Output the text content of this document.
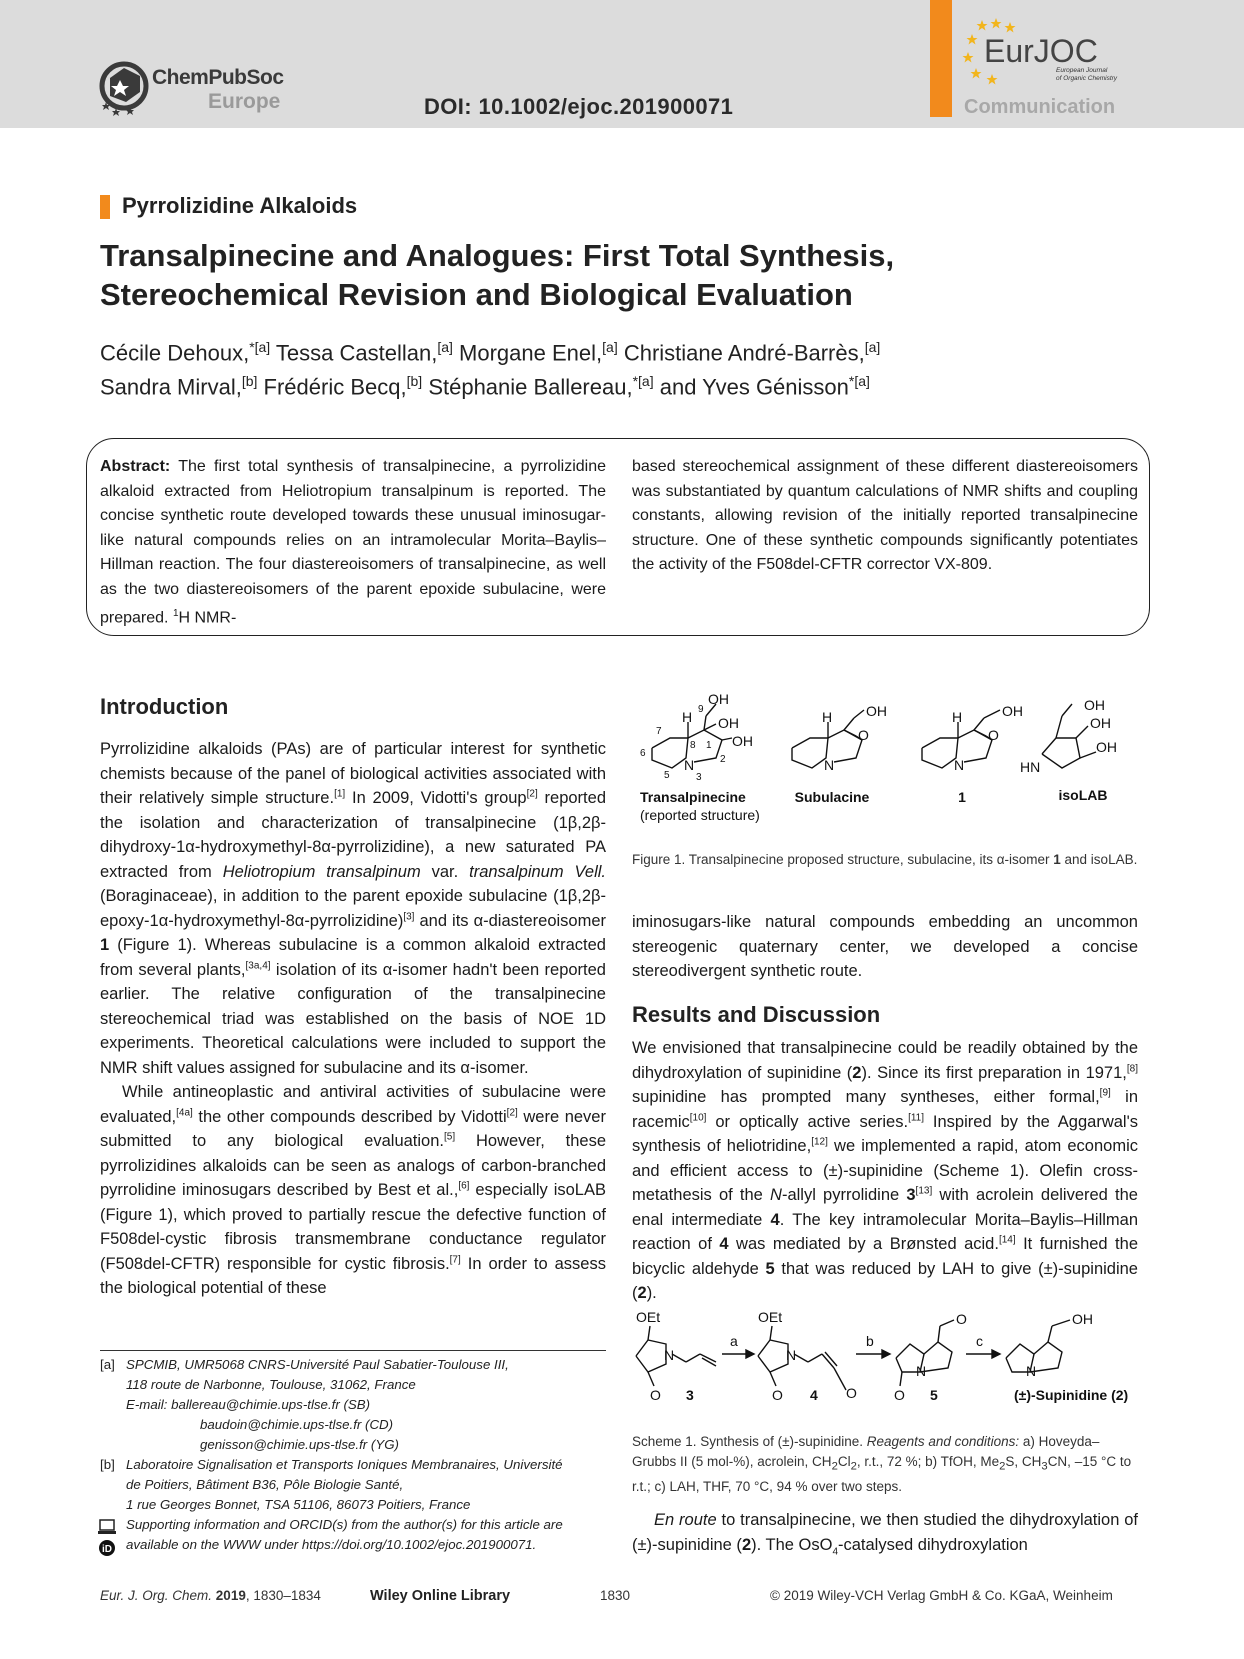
ChemPubSoc
Europe	DOI: 10.1002/ejoc.201900071
EurJOC
European Journal
of Organic Chemistry
Communication
Pyrrolizidine Alkaloids
Transalpinecine and Analogues: First Total Synthesis,
Stereochemical Revision and Biological Evaluation
Cécile Dehoux,$^{*[a]}$ Tessa Castellan,[a] Morgane Enel,[a] Christiane André-Barrès,[a]
Sandra Mirval,[b] Frédéric Becq,[b] Stéphanie Ballereau,$^{*[a]}$ and Yves Génisson$^{*[a]}$
Abstract: The first total synthesis of transalpinecine, a pyrrolizidine alkaloid extracted from Heliotropium transalpinum is reported. The concise synthetic route developed towards these unusual iminosugar-like natural compounds relies on an intramolecular Morita–Baylis–Hillman reaction. The four diastereoisomers of transalpinecine, as well as the two diastereoisomers of the parent epoxide subulacine, were prepared. $^1$H NMR-
based stereochemical assignment of these different diastereoisomers was substantiated by quantum calculations of NMR shifts and coupling constants, allowing revision of the initially reported transalpinecine structure. One of these synthetic compounds significantly potentiates the activity of the F508del-CFTR corrector VX-809.
Introduction

Pyrrolizidine alkaloids (PAs) are of particular interest for synthetic chemists because of the panel of biological activities associated with their relatively simple structure.[1] In 2009, Vidotti's group[2] reported the isolation and characterization of transalpinecine (1β,2β-dihydroxy-1α-hydroxymethyl-8α-pyrrolizidine), a new saturated PA extracted from Heliotropium transalpinum var. transalpinum Vell. (Boraginaceae), in addition to the parent epoxide subulacine (1β,2β-epoxy-1α-hydroxymethyl-8α-pyrrolizidine)[3] and its α-diastereoisomer 1 (Figure 1). Whereas subulacine is a common alkaloid extracted from several plants,[3a,4] isolation of its α-isomer hadn't been reported earlier. The relative configuration of the transalpinecine stereochemical triad was established on the basis of NOE 1D experiments. Theoretical calculations were included to support the NMR shift values assigned for subulacine and its α-isomer.

While antineoplastic and antiviral activities of subulacine were evaluated,[4a] the other compounds described by Vidotti[2] were never submitted to any biological evaluation.[5] However, these pyrrolizidines alkaloids can be seen as analogs of carbon-branched pyrrolidine iminosugars described by Best et al.,[6] especially isoLAB (Figure 1), which proved to partially rescue the defective function of F508del-cystic fibrosis transmembrane conductance regulator (F508del-CFTR) responsible for cystic fibrosis.[7] In order to assess the biological potential of these

OH
OH
OH
H
N
9
8 1
2
3
5
6
7
OH
O
H
N
OH
O
H
N
OH
OH
OH
HN
Transalpinecine	Subulacine	1	isoLAB
(reported structure)
Figure 1. Transalpinecine proposed structure, subulacine, its α-isomer 1 and isoLAB.
iminosugars-like natural compounds embedding an uncommon stereogenic quaternary center, we developed a concise stereodivergent synthetic route.
Results and Discussion

We envisioned that transalpinecine could be readily obtained by the dihydroxylation of supinidine (2). Since its first preparation in 1971,[8] supinidine has prompted many syntheses, either formal,[9] in racemic[10] or optically active series.[11] Inspired by the Aggarwal's synthesis of heliotridine,[12] we implemented a rapid, atom economic and efficient access to (±)-supinidine (Scheme 1). Olefin cross-metathesis of the N-allyl pyrrolidine 3[13] with acrolein delivered the enal intermediate 4. The key intramolecular Morita–Baylis–Hillman reaction of 4 was mediated by a Brønsted acid.[14] It furnished the bicyclic aldehyde 5 that was reduced by LAH to give (±)-supinidine (2).

OEt
N
O
OEt
N
O	O
O
N
O
OH
N
a	b	c
3	4	5	(±)-Supinidine (2)
Scheme 1. Synthesis of (±)-supinidine. Reagents and conditions: a) Hoveyda–Grubbs II (5 mol-%), acrolein, $CH_2Cl_2$, r.t., 72 %; b) TfOH, $Me_2S$, $CH_3CN$, –15 °C to r.t.; c) LAH, THF, 70 °C, 94 % over two steps.
En route to transalpinecine, we then studied the dihydroxylation of (±)-supinidine (2). The OsO$_4$-catalysed dihydroxylation
[a] SPCMIB, UMR5068 CNRS-Université Paul Sabatier-Toulouse III,
118 route de Narbonne, Toulouse, 31062, France
E-mail: ballereau@chimie.ups-tlse.fr (SB)
baudoin@chimie.ups-tlse.fr (CD)
genisson@chimie.ups-tlse.fr (YG)
[b] Laboratoire Signalisation et Transports Ioniques Membranaires, Université
de Poitiers, Bâtiment B36, Pôle Biologie Santé,
1 rue Georges Bonnet, TSA 51106, 86073 Poitiers, France
Supporting information and ORCID(s) from the author(s) for this article are
available on the WWW under https://doi.org/10.1002/ejoc.201900071.
iD
Eur. J. Org. Chem. 2019, 1830–1834	Wiley Online Library	1830	© 2019 Wiley-VCH Verlag GmbH & Co. KGaA, Weinheim
